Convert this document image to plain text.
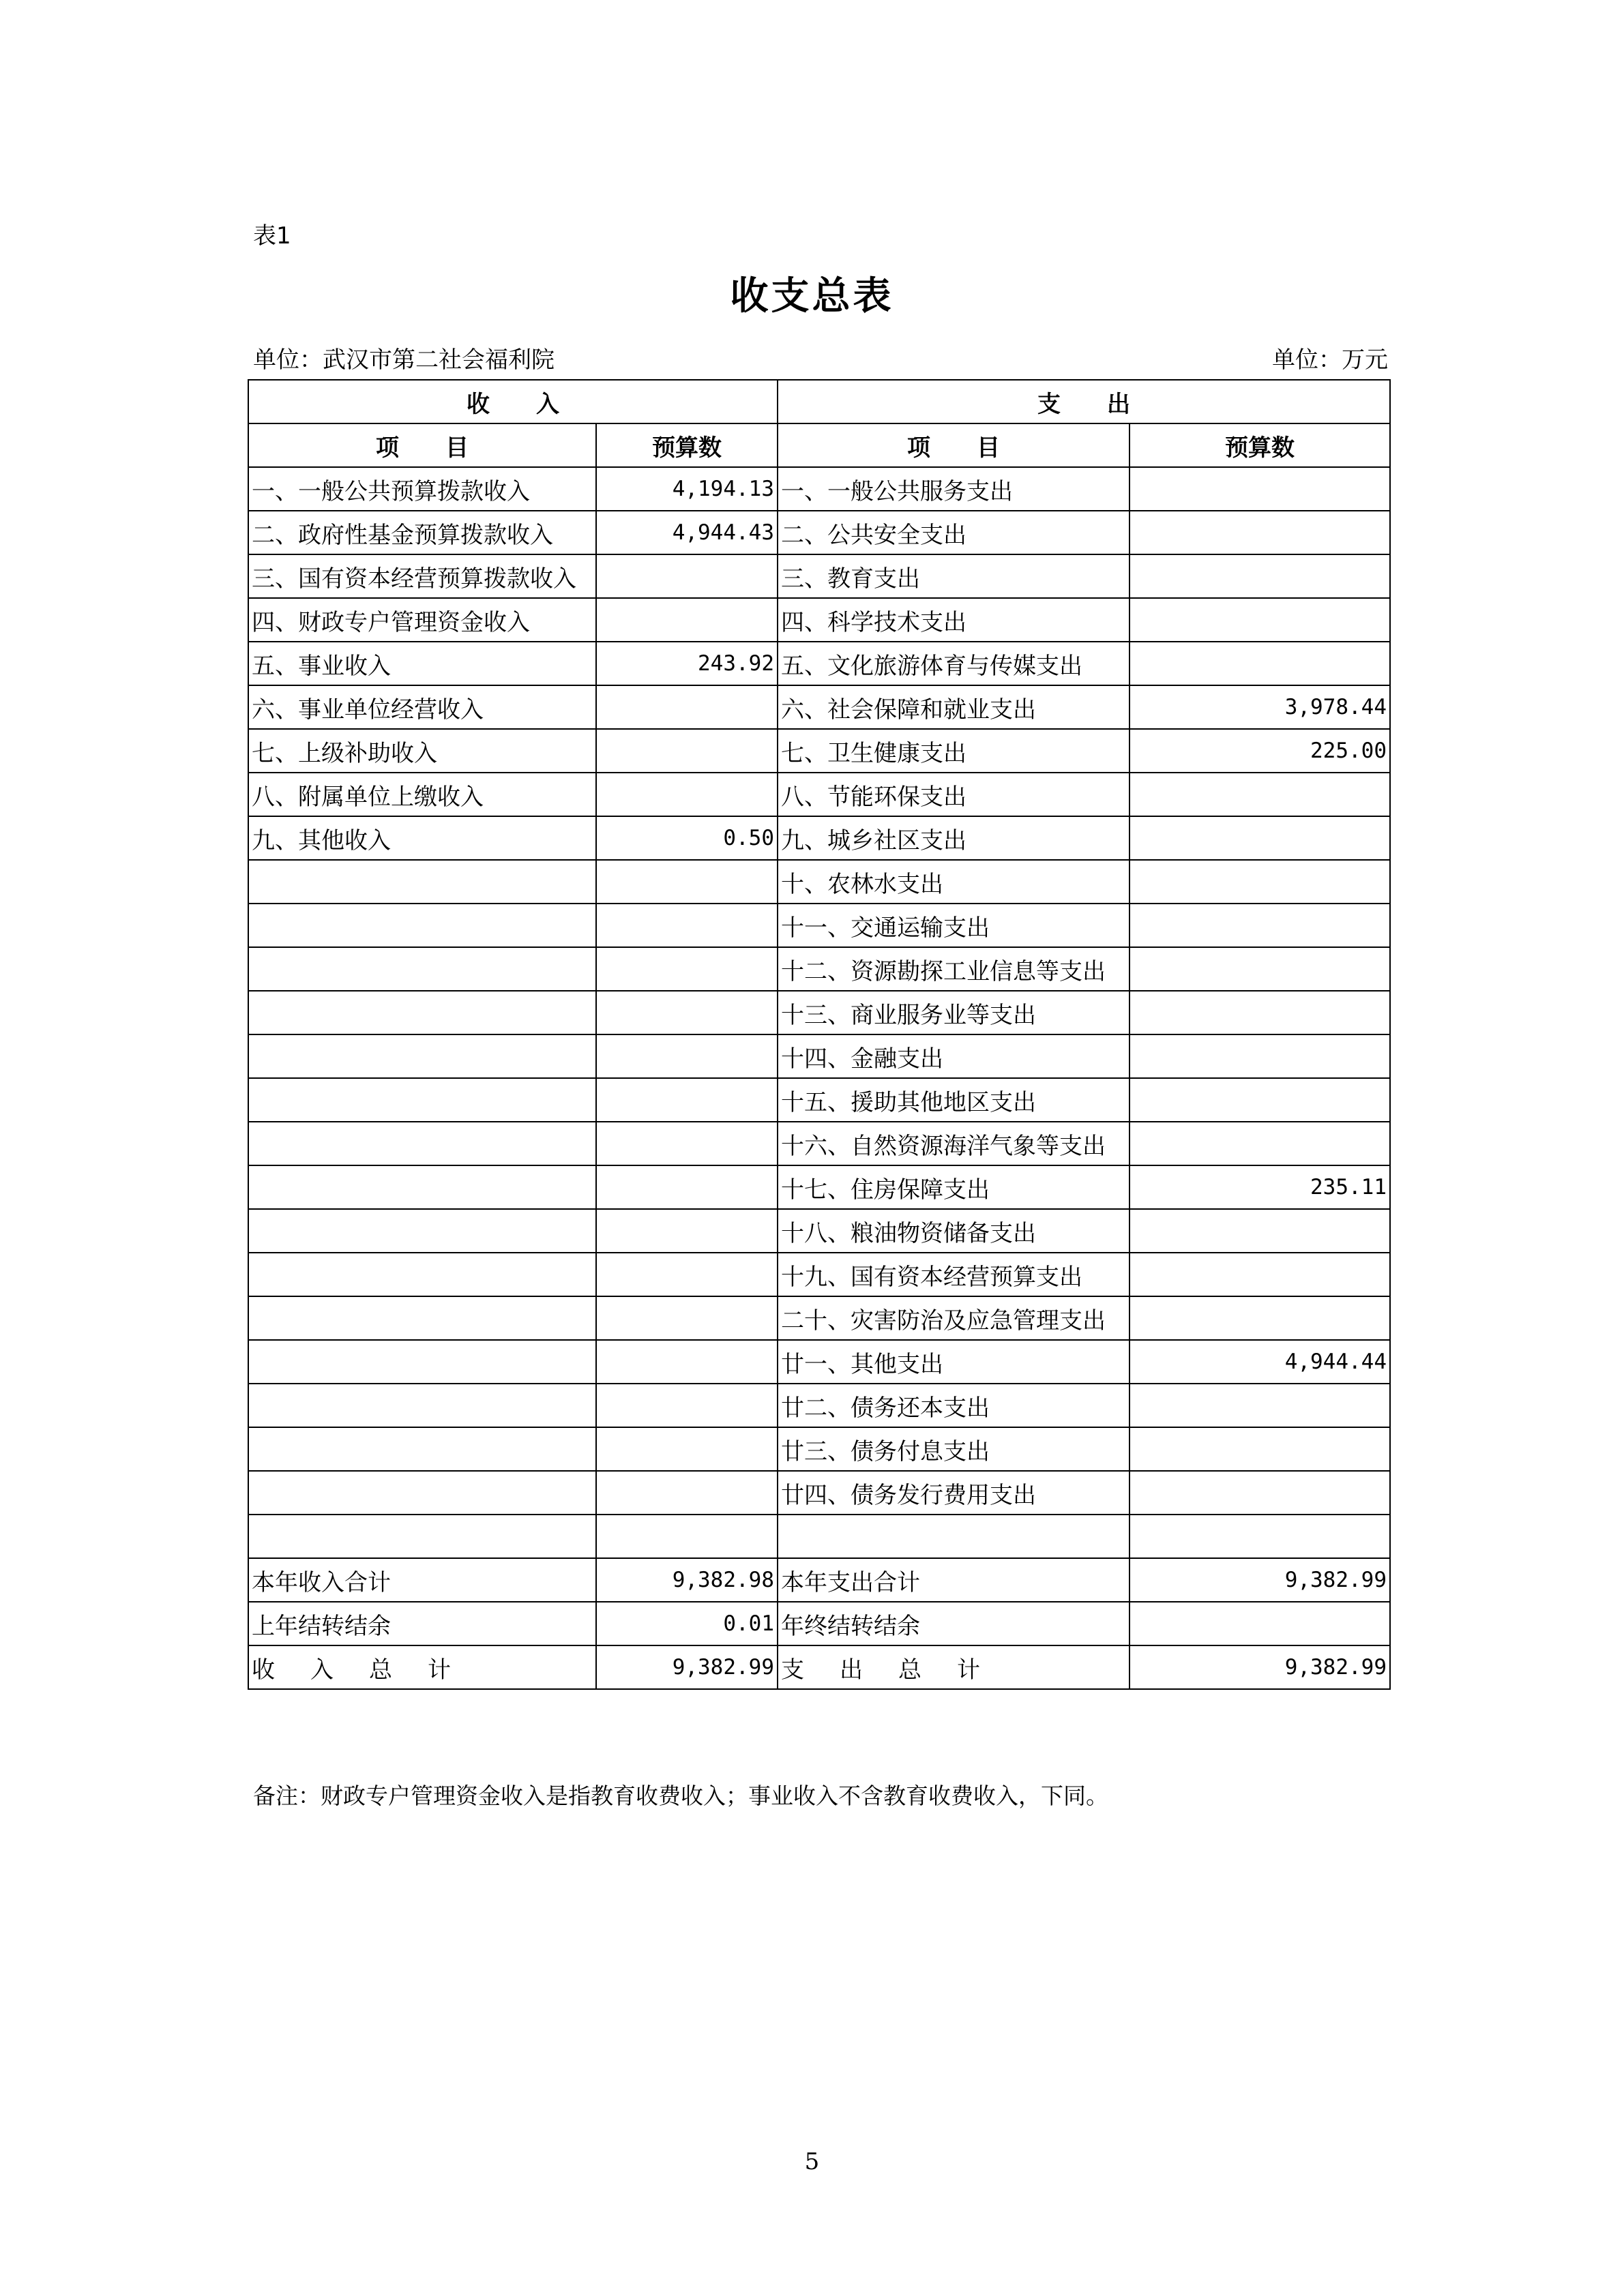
表1
收支总表
单位：武汉市第二社会福利院	单位：万元
收　　入		支　　出	
项　　目	预算数	项　　目	预算数
一、一般公共预算拨款收入	4,194.13	一、一般公共服务支出	
二、政府性基金预算拨款收入	4,944.43	二、公共安全支出	
三、国有资本经营预算拨款收入		三、教育支出	
四、财政专户管理资金收入		四、科学技术支出	
五、事业收入	243.92	五、文化旅游体育与传媒支出	
六、事业单位经营收入		六、社会保障和就业支出	3,978.44
七、上级补助收入		七、卫生健康支出	225.00
八、附属单位上缴收入		八、节能环保支出	
九、其他收入	0.50	九、城乡社区支出	
		十、农林水支出	
		十一、交通运输支出	
		十二、资源勘探工业信息等支出	
		十三、商业服务业等支出	
		十四、金融支出	
		十五、援助其他地区支出	
		十六、自然资源海洋气象等支出	
		十七、住房保障支出	235.11
		十八、粮油物资储备支出	
		十九、国有资本经营预算支出	
		二十、灾害防治及应急管理支出	
		廿一、其他支出	4,944.44
		廿二、债务还本支出	
		廿三、债务付息支出	
		廿四、债务发行费用支出	

本年收入合计	9,382.98	本年支出合计	9,382.99
上年结转结余	0.01	年终结转结余	
收入总计	9,382.99	支出总计	9,382.99
备注：财政专户管理资金收入是指教育收费收入；事业收入不含教育收费收入，下同。
5
